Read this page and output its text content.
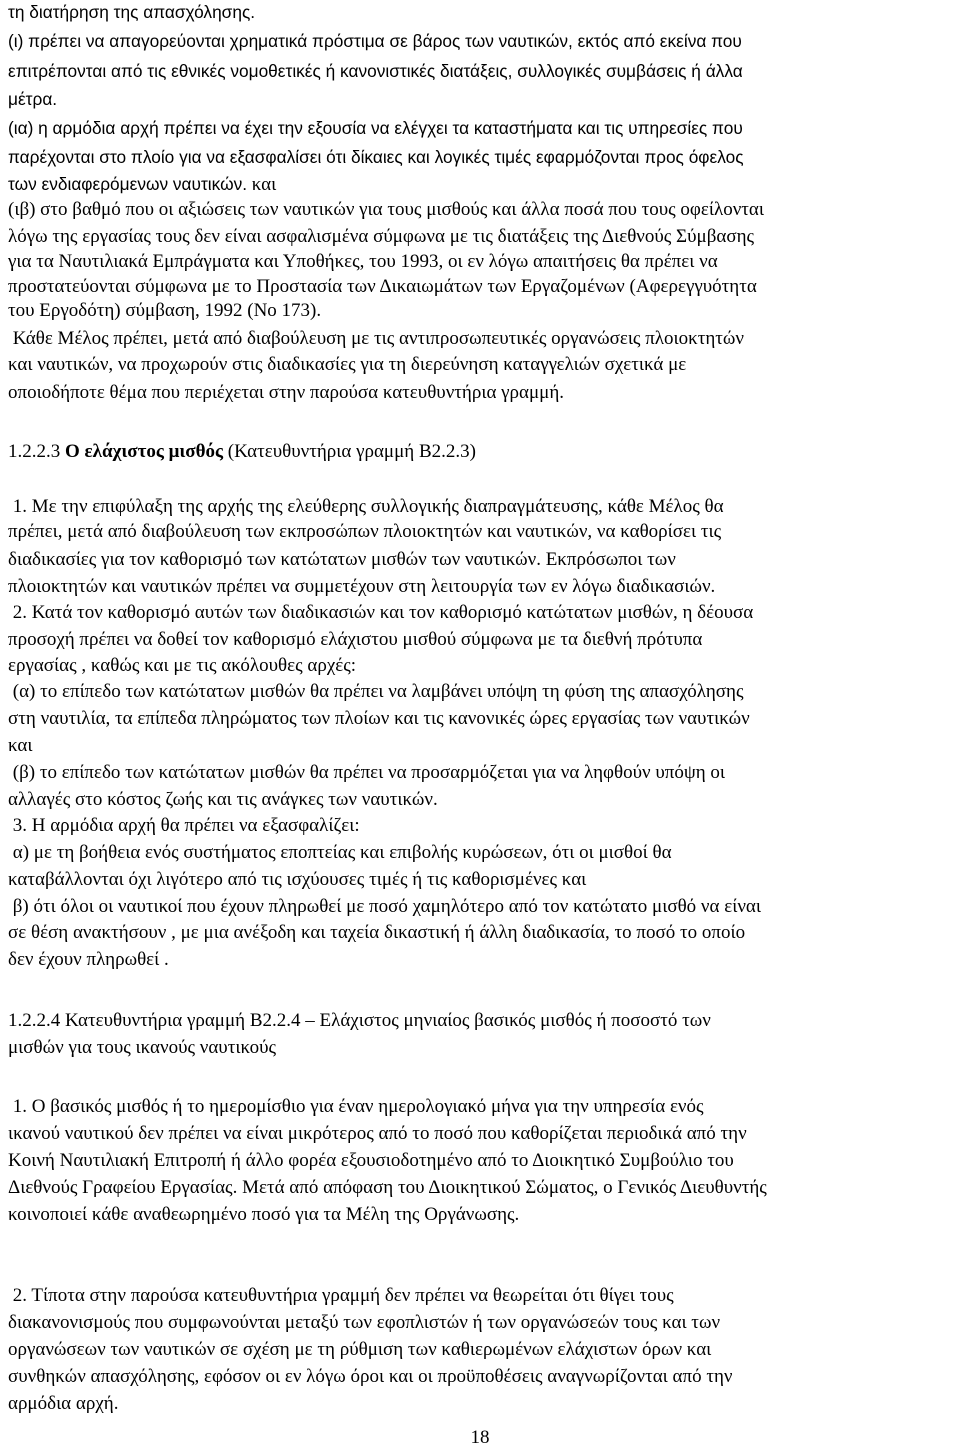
τη διατήρηση της απασχόλησης.
(ι) πρέπει να απαγορεύονται χρηματικά πρόστιμα σε βάρος των ναυτικών, εκτός από εκείνα που
επιτρέπονται από τις εθνικές νομοθετικές ή κανονιστικές διατάξεις, συλλογικές συμβάσεις ή άλλα
μέτρα.
(ια) η αρμόδια αρχή πρέπει να έχει την εξουσία να ελέγχει τα καταστήματα και τις υπηρεσίες που
παρέχονται στο πλοίο για να εξασφαλίσει ότι δίκαιες και λογικές τιμές εφαρμόζονται προς όφελος
των ενδιαφερόμενων ναυτικών. και
(ιβ) στο βαθμό που οι αξιώσεις των ναυτικών για τους μισθούς και άλλα ποσά που τους οφείλονται
λόγω της εργασίας τους δεν είναι ασφαλισμένα σύμφωνα με τις διατάξεις της Διεθνούς Σύμβασης
για τα Ναυτιλιακά Εμπράγματα και Υποθήκες, του 1993, οι εν λόγω απαιτήσεις θα πρέπει να
προστατεύονται σύμφωνα με το Προστασία των Δικαιωμάτων των Εργαζομένων (Αφερεγγυότητα
του Εργοδότη) σύμβαση, 1992 (Νο 173).
Κάθε Μέλος πρέπει, μετά από διαβούλευση με τις αντιπροσωπευτικές οργανώσεις πλοιοκτητών
και ναυτικών, να προχωρούν στις διαδικασίες για τη διερεύνηση καταγγελιών σχετικά με
οποιοδήποτε θέμα που περιέχεται στην παρούσα κατευθυντήρια γραμμή.
1.2.2.3 Ο ελάχιστος μισθός (Κατευθυντήρια γραμμή Β2.2.3)
1. Με την επιφύλαξη της αρχής της ελεύθερης συλλογικής διαπραγμάτευσης, κάθε Μέλος θα
πρέπει, μετά από διαβούλευση των εκπροσώπων πλοιοκτητών και ναυτικών, να καθορίσει τις
διαδικασίες για τον καθορισμό των κατώτατων μισθών των ναυτικών. Εκπρόσωποι των
πλοιοκτητών και ναυτικών πρέπει να συμμετέχουν στη λειτουργία των εν λόγω διαδικασιών.
2. Κατά τον καθορισμό αυτών των διαδικασιών και τον καθορισμό κατώτατων μισθών, η δέουσα
προσοχή πρέπει να δοθεί τον καθορισμό ελάχιστου μισθού σύμφωνα με τα διεθνή πρότυπα
εργασίας , καθώς και με τις ακόλουθες αρχές:
(α) το επίπεδο των κατώτατων μισθών θα πρέπει να λαμβάνει υπόψη τη φύση της απασχόλησης
στη ναυτιλία, τα επίπεδα πληρώματος των πλοίων και τις κανονικές ώρες εργασίας των ναυτικών
και
(β) το επίπεδο των κατώτατων μισθών θα πρέπει να προσαρμόζεται για να ληφθούν υπόψη οι
αλλαγές στο κόστος ζωής και τις ανάγκες των ναυτικών.
3. Η αρμόδια αρχή θα πρέπει να εξασφαλίζει:
α) με τη βοήθεια ενός συστήματος εποπτείας και επιβολής κυρώσεων, ότι οι μισθοί θα
καταβάλλονται όχι λιγότερο από τις ισχύουσες τιμές ή τις καθορισμένες και
β) ότι όλοι οι ναυτικοί που έχουν πληρωθεί με ποσό χαμηλότερο από τον κατώτατο μισθό να είναι
σε θέση ανακτήσουν , με μια ανέξοδη και ταχεία δικαστική ή άλλη διαδικασία, το ποσό το οποίο
δεν έχουν πληρωθεί .
1.2.2.4 Κατευθυντήρια γραμμή Β2.2.4 – Ελάχιστος μηνιαίος βασικός μισθός ή ποσοστό των
μισθών για τους ικανούς ναυτικούς
1. Ο βασικός μισθός ή το ημερομίσθιο για έναν ημερολογιακό μήνα για την υπηρεσία ενός
ικανού ναυτικού δεν πρέπει να είναι μικρότερος από το ποσό που καθορίζεται περιοδικά από την
Κοινή Ναυτιλιακή Επιτροπή ή άλλο φορέα εξουσιοδοτημένο από το Διοικητικό Συμβούλιο του
Διεθνούς Γραφείου Εργασίας. Μετά από απόφαση του Διοικητικού Σώματος, ο Γενικός Διευθυντής
κοινοποιεί κάθε αναθεωρημένο ποσό για τα Μέλη της Οργάνωσης.
2. Τίποτα στην παρούσα κατευθυντήρια γραμμή δεν πρέπει να θεωρείται ότι θίγει τους
διακανονισμούς που συμφωνούνται μεταξύ των εφοπλιστών ή των οργανώσεών τους και των
οργανώσεων των ναυτικών σε σχέση με τη ρύθμιση των καθιερωμένων ελάχιστων όρων και
συνθηκών απασχόλησης, εφόσον οι εν λόγω όροι και οι προϋποθέσεις αναγνωρίζονται από την
αρμόδια αρχή.
18
